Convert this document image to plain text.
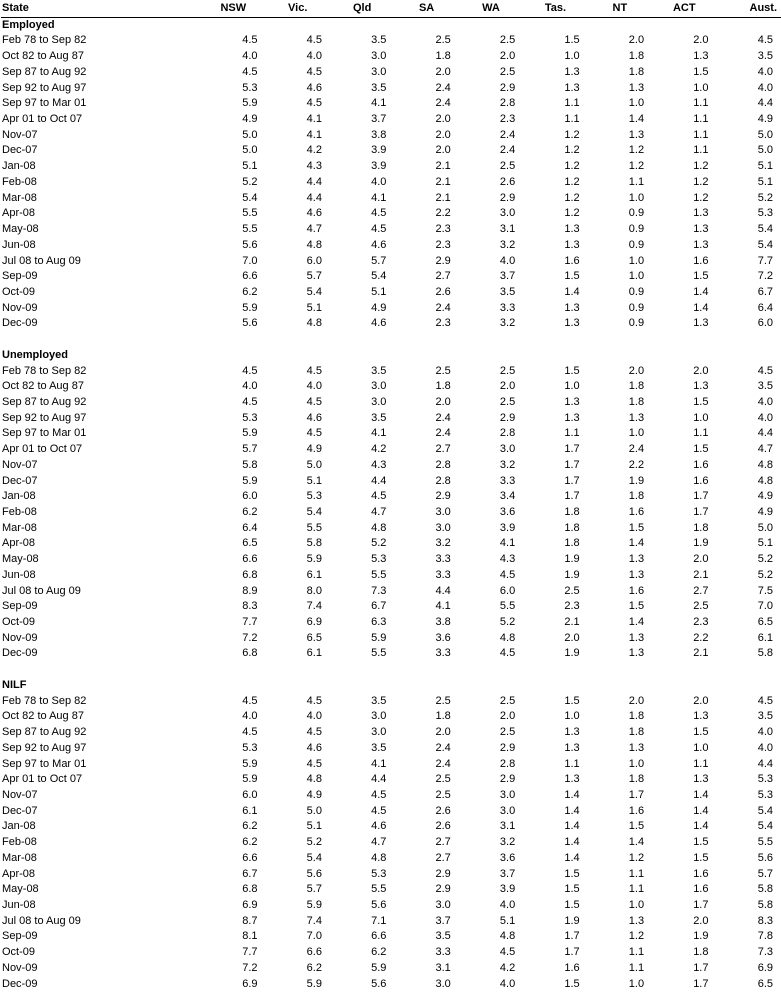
State	NSW	Vic.	Qld	SA	WA	Tas.	NT	ACT	Aust.
Employed									
Feb 78 to Sep 82	4.5	4.5	3.5	2.5	2.5	1.5	2.0	2.0	4.5
Oct 82 to Aug 87	4.0	4.0	3.0	1.8	2.0	1.0	1.8	1.3	3.5
Sep 87 to Aug 92	4.5	4.5	3.0	2.0	2.5	1.3	1.8	1.5	4.0
Sep 92 to Aug 97	5.3	4.6	3.5	2.4	2.9	1.3	1.3	1.0	4.0
Sep 97 to Mar 01	5.9	4.5	4.1	2.4	2.8	1.1	1.0	1.1	4.4
Apr 01 to Oct 07	4.9	4.1	3.7	2.0	2.3	1.1	1.4	1.1	4.9
Nov-07	5.0	4.1	3.8	2.0	2.4	1.2	1.3	1.1	5.0
Dec-07	5.0	4.2	3.9	2.0	2.4	1.2	1.2	1.1	5.0
Jan-08	5.1	4.3	3.9	2.1	2.5	1.2	1.2	1.2	5.1
Feb-08	5.2	4.4	4.0	2.1	2.6	1.2	1.1	1.2	5.1
Mar-08	5.4	4.4	4.1	2.1	2.9	1.2	1.0	1.2	5.2
Apr-08	5.5	4.6	4.5	2.2	3.0	1.2	0.9	1.3	5.3
May-08	5.5	4.7	4.5	2.3	3.1	1.3	0.9	1.3	5.4
Jun-08	5.6	4.8	4.6	2.3	3.2	1.3	0.9	1.3	5.4
Jul 08 to Aug 09	7.0	6.0	5.7	2.9	4.0	1.6	1.0	1.6	7.7
Sep-09	6.6	5.7	5.4	2.7	3.7	1.5	1.0	1.5	7.2
Oct-09	6.2	5.4	5.1	2.6	3.5	1.4	0.9	1.4	6.7
Nov-09	5.9	5.1	4.9	2.4	3.3	1.3	0.9	1.4	6.4
Dec-09	5.6	4.8	4.6	2.3	3.2	1.3	0.9	1.3	6.0

Unemployed									
Feb 78 to Sep 82	4.5	4.5	3.5	2.5	2.5	1.5	2.0	2.0	4.5
Oct 82 to Aug 87	4.0	4.0	3.0	1.8	2.0	1.0	1.8	1.3	3.5
Sep 87 to Aug 92	4.5	4.5	3.0	2.0	2.5	1.3	1.8	1.5	4.0
Sep 92 to Aug 97	5.3	4.6	3.5	2.4	2.9	1.3	1.3	1.0	4.0
Sep 97 to Mar 01	5.9	4.5	4.1	2.4	2.8	1.1	1.0	1.1	4.4
Apr 01 to Oct 07	5.7	4.9	4.2	2.7	3.0	1.7	2.4	1.5	4.7
Nov-07	5.8	5.0	4.3	2.8	3.2	1.7	2.2	1.6	4.8
Dec-07	5.9	5.1	4.4	2.8	3.3	1.7	1.9	1.6	4.8
Jan-08	6.0	5.3	4.5	2.9	3.4	1.7	1.8	1.7	4.9
Feb-08	6.2	5.4	4.7	3.0	3.6	1.8	1.6	1.7	4.9
Mar-08	6.4	5.5	4.8	3.0	3.9	1.8	1.5	1.8	5.0
Apr-08	6.5	5.8	5.2	3.2	4.1	1.8	1.4	1.9	5.1
May-08	6.6	5.9	5.3	3.3	4.3	1.9	1.3	2.0	5.2
Jun-08	6.8	6.1	5.5	3.3	4.5	1.9	1.3	2.1	5.2
Jul 08 to Aug 09	8.9	8.0	7.3	4.4	6.0	2.5	1.6	2.7	7.5
Sep-09	8.3	7.4	6.7	4.1	5.5	2.3	1.5	2.5	7.0
Oct-09	7.7	6.9	6.3	3.8	5.2	2.1	1.4	2.3	6.5
Nov-09	7.2	6.5	5.9	3.6	4.8	2.0	1.3	2.2	6.1
Dec-09	6.8	6.1	5.5	3.3	4.5	1.9	1.3	2.1	5.8

NILF									
Feb 78 to Sep 82	4.5	4.5	3.5	2.5	2.5	1.5	2.0	2.0	4.5
Oct 82 to Aug 87	4.0	4.0	3.0	1.8	2.0	1.0	1.8	1.3	3.5
Sep 87 to Aug 92	4.5	4.5	3.0	2.0	2.5	1.3	1.8	1.5	4.0
Sep 92 to Aug 97	5.3	4.6	3.5	2.4	2.9	1.3	1.3	1.0	4.0
Sep 97 to Mar 01	5.9	4.5	4.1	2.4	2.8	1.1	1.0	1.1	4.4
Apr 01 to Oct 07	5.9	4.8	4.4	2.5	2.9	1.3	1.8	1.3	5.3
Nov-07	6.0	4.9	4.5	2.5	3.0	1.4	1.7	1.4	5.3
Dec-07	6.1	5.0	4.5	2.6	3.0	1.4	1.6	1.4	5.4
Jan-08	6.2	5.1	4.6	2.6	3.1	1.4	1.5	1.4	5.4
Feb-08	6.2	5.2	4.7	2.7	3.2	1.4	1.4	1.5	5.5
Mar-08	6.6	5.4	4.8	2.7	3.6	1.4	1.2	1.5	5.6
Apr-08	6.7	5.6	5.3	2.9	3.7	1.5	1.1	1.6	5.7
May-08	6.8	5.7	5.5	2.9	3.9	1.5	1.1	1.6	5.8
Jun-08	6.9	5.9	5.6	3.0	4.0	1.5	1.0	1.7	5.8
Jul 08 to Aug 09	8.7	7.4	7.1	3.7	5.1	1.9	1.3	2.0	8.3
Sep-09	8.1	7.0	6.6	3.5	4.8	1.7	1.2	1.9	7.8
Oct-09	7.7	6.6	6.2	3.3	4.5	1.7	1.1	1.8	7.3
Nov-09	7.2	6.2	5.9	3.1	4.2	1.6	1.1	1.7	6.9
Dec-09	6.9	5.9	5.6	3.0	4.0	1.5	1.0	1.7	6.5
